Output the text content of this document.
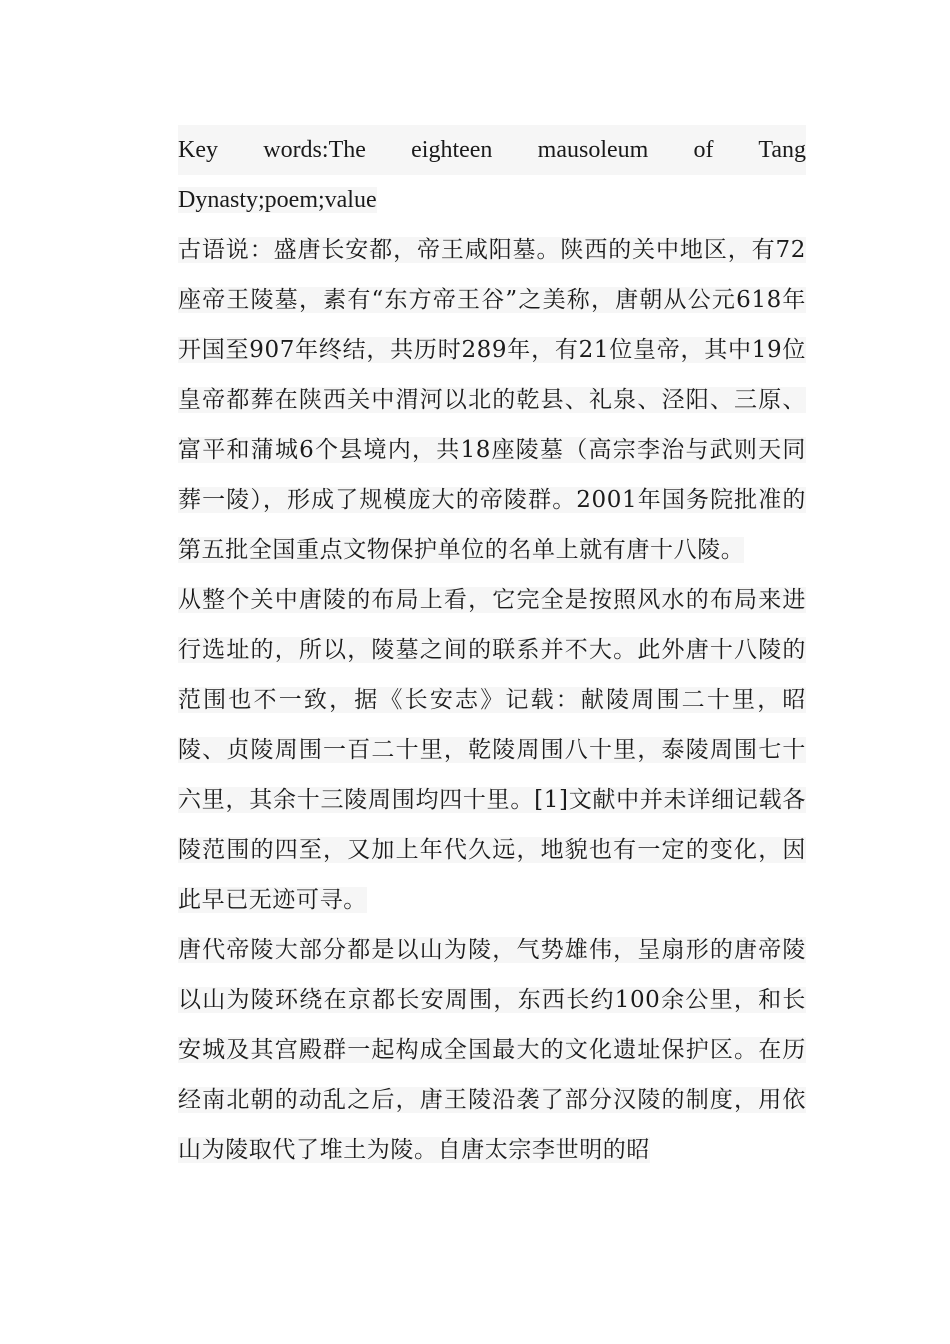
Key words:The eighteen mausoleum of Tang
Dynasty;poem;value

古语说：盛唐长安都，帝王咸阳墓。陕西的关中地区，有72座帝王陵墓，素有“东方帝王谷”之美称，唐朝从公元618年开国至907年终结，共历时289年，有21位皇帝，其中19位皇帝都葬在陕西关中渭河以北的乾县、礼泉、泾阳、三原、富平和蒲城6个县境内，共18座陵墓（高宗李治与武则天同葬一陵），形成了规模庞大的帝陵群。2001年国务院批准的第五批全国重点文物保护单位的名单上就有唐十八陵。

从整个关中唐陵的布局上看，它完全是按照风水的布局来进行选址的，所以，陵墓之间的联系并不大。此外唐十八陵的范围也不一致，据《长安志》记载：献陵周围二十里，昭陵、贞陵周围一百二十里，乾陵周围八十里，泰陵周围七十六里，其余十三陵周围均四十里。[1]文献中并未详细记载各陵范围的四至，又加上年代久远，地貌也有一定的变化，因此早已无迹可寻。

唐代帝陵大部分都是以山为陵，气势雄伟，呈扇形的唐帝陵以山为陵环绕在京都长安周围，东西长约100余公里，和长安城及其宫殿群一起构成全国最大的文化遗址保护区。在历经南北朝的动乱之后，唐王陵沿袭了部分汉陵的制度，用依山为陵取代了堆土为陵。自唐太宗李世明的昭
